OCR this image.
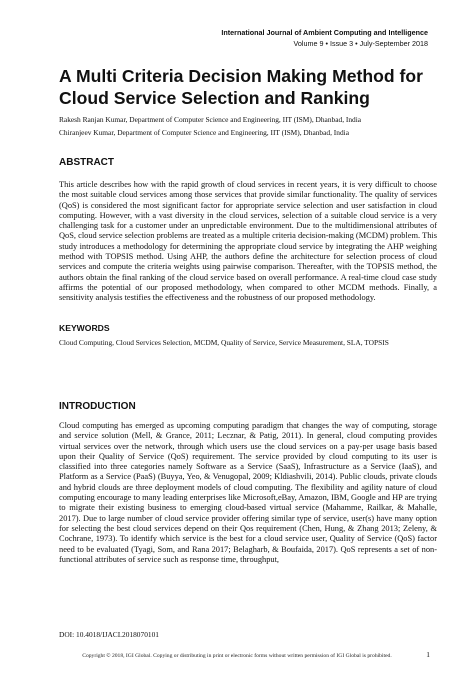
International Journal of Ambient Computing and Intelligence
Volume 9 • Issue 3 • July-September 2018
A Multi Criteria Decision Making Method for Cloud Service Selection and Ranking
Rakesh Ranjan Kumar, Department of Computer Science and Engineering, IIT (ISM), Dhanbad, India
Chiranjeev Kumar, Department of Computer Science and Engineering, IIT (ISM), Dhanbad, India
ABSTRACT

This article describes how with the rapid growth of cloud services in recent years, it is very difficult to choose the most suitable cloud services among those services that provide similar functionality. The quality of services (QoS) is considered the most significant factor for appropriate service selection and user satisfaction in cloud computing. However, with a vast diversity in the cloud services, selection of a suitable cloud service is a very challenging task for a customer under an unpredictable environment. Due to the multidimensional attributes of QoS, cloud service selection problems are treated as a multiple criteria decision-making (MCDM) problem. This study introduces a methodology for determining the appropriate cloud service by integrating the AHP weighing method with TOPSIS method. Using AHP, the authors define the architecture for selection process of cloud services and compute the criteria weights using pairwise comparison. Thereafter, with the TOPSIS method, the authors obtain the final ranking of the cloud service based on overall performance. A real-time cloud case study affirms the potential of our proposed methodology, when compared to other MCDM methods. Finally, a sensitivity analysis testifies the effectiveness and the robustness of our proposed methodology.

KEYWORDS

Cloud Computing, Cloud Services Selection, MCDM, Quality of Service, Service Measurement, SLA, TOPSIS

INTRODUCTION

Cloud computing has emerged as upcoming computing paradigm that changes the way of computing, storage and service solution (Mell, & Grance, 2011; Lecznar, & Patig, 2011). In general, cloud computing provides virtual services over the network, through which users use the cloud services on a pay-per usage basis based upon their Quality of Service (QoS) requirement. The service provided by cloud computing to its user is classified into three categories namely Software as a Service (SaaS), Infrastructure as a Service (IaaS), and Platform as a Service (PaaS) (Buyya, Yeo, & Venugopal, 2009; Kldiashvili, 2014). Public clouds, private clouds and hybrid clouds are three deployment models of cloud computing. The flexibility and agility nature of cloud computing encourage to many leading enterprises like Microsoft,eBay, Amazon, IBM, Google and HP are trying to migrate their existing business to emerging cloud-based virtual service (Mahamme, Railkar, & Mahalle, 2017). Due to large number of cloud service provider offering similar type of service, user(s) have many option for selecting the best cloud services depend on their Qos requirement (Chen, Hung, & Zhang 2013; Zeleny, & Cochrane, 1973). To identify which service is the best for a cloud service user, Quality of Service (QoS) factor need to be evaluated (Tyagi, Som, and Rana 2017; Belagharb, & Boufaida, 2017). QoS represents a set of non-functional attributes of service such as response time, throughput,

DOI: 10.4018/IJACI.2018070101
Copyright © 2018, IGI Global. Copying or distributing in print or electronic forms without written permission of IGI Global is prohibited.	1
